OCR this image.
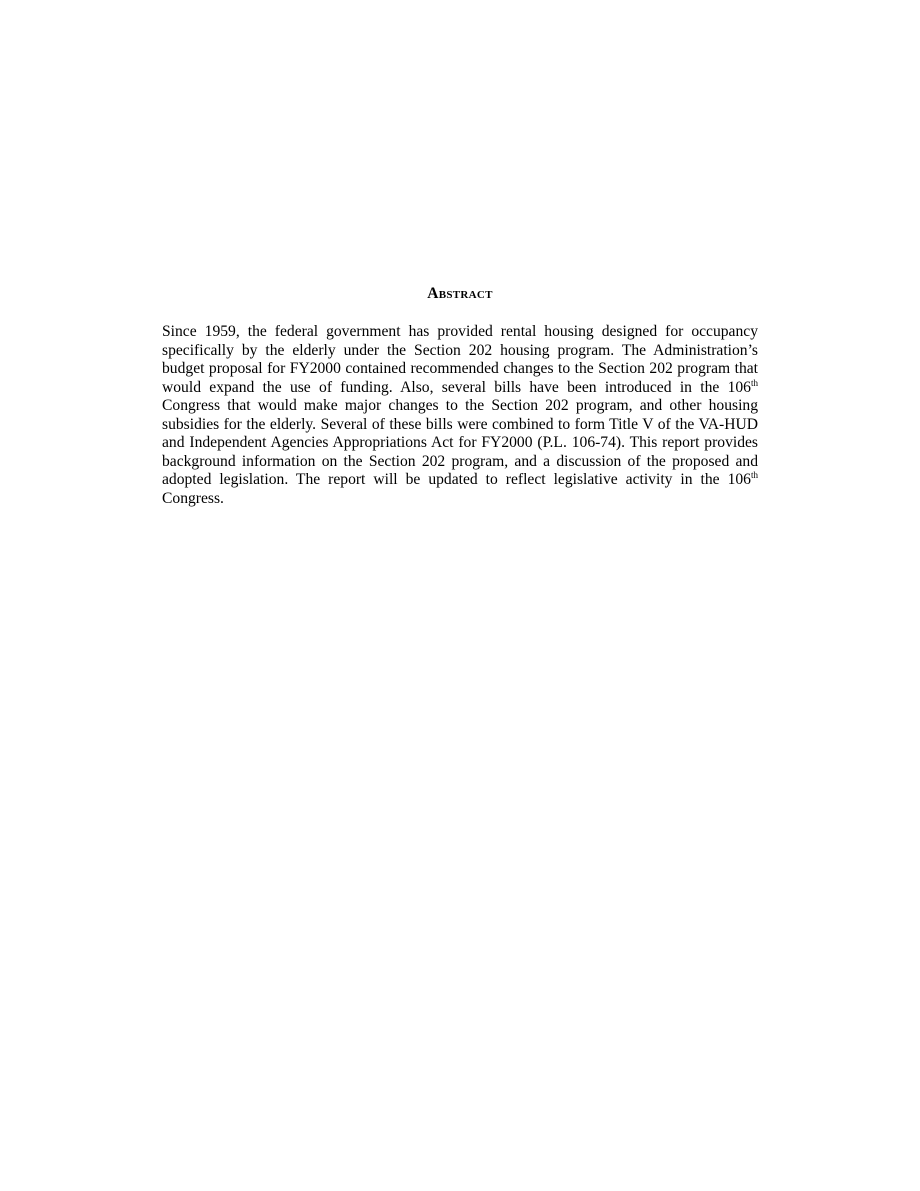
Abstract
Since 1959, the federal government has provided rental housing designed for occupancy specifically by the elderly under the Section 202 housing program. The Administration’s budget proposal for FY2000 contained recommended changes to the Section 202 program that would expand the use of funding. Also, several bills have been introduced in the 106th Congress that would make major changes to the Section 202 program, and other housing subsidies for the elderly. Several of these bills were combined to form Title V of the VA-HUD and Independent Agencies Appropriations Act for FY2000 (P.L. 106-74). This report provides background information on the Section 202 program, and a discussion of the proposed and adopted legislation. The report will be updated to reflect legislative activity in the 106th Congress.
